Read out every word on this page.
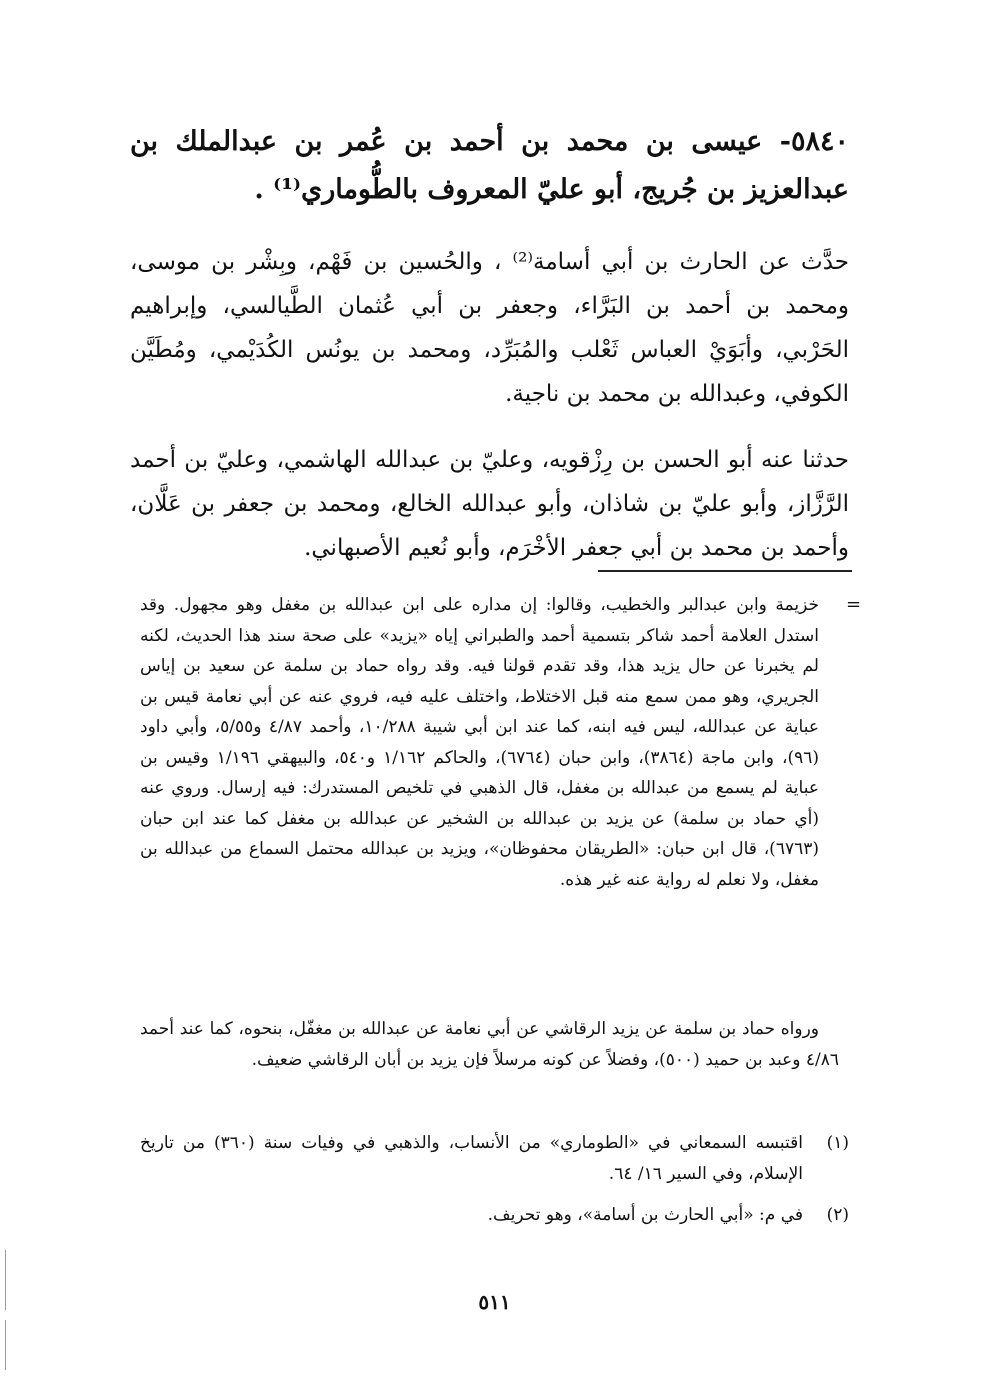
٥٨٤٠- عيسى بن محمد بن أحمد بن عُمر بن عبدالملك بن عبدالعزيز بن جُريج، أبو عليّ المعروف بالطُّوماري⁽¹⁾ .
حدَّث عن الحارث بن أبي أسامة⁽²⁾ ، والحُسين بن فَهْم، وبِشْر بن موسى، ومحمد بن أحمد بن البَرَّاء، وجعفر بن أبي عُثمان الطَّيالسي، وإبراهيم الحَرْبي، وأبَوَيْ العباس ثَعْلب والمُبَرِّد، ومحمد بن يونُس الكُدَيْمي، ومُطَيَّن الكوفي، وعبدالله بن محمد بن ناجية.
حدثنا عنه أبو الحسن بن رِزْقويه، وعليّ بن عبدالله الهاشمي، وعليّ بن أحمد الرَّزَّاز، وأبو عليّ بن شاذان، وأبو عبدالله الخالع، ومحمد بن جعفر بن عَلَّان، وأحمد بن محمد بن أبي جعفر الأخْرَم، وأبو نُعيم الأصبهاني.
=
خزيمة وابن عبدالبر والخطيب، وقالوا: إن مداره على ابن عبدالله بن مغفل وهو مجهول. وقد استدل العلامة أحمد شاكر بتسمية أحمد والطبراني إياه «يزيد» على صحة سند هذا الحديث، لكنه لم يخبرنا عن حال يزيد هذا، وقد تقدم قولنا فيه. وقد رواه حماد بن سلمة عن سعيد بن إياس الجريري، وهو ممن سمع منه قبل الاختلاط، واختلف عليه فيه، فروي عنه عن أبي نعامة قيس بن عباية عن عبدالله، ليس فيه ابنه، كما عند ابن أبي شيبة ١٠/٢٨٨، وأحمد ٤/٨٧ و٥/٥٥، وأبي داود (٩٦)، وابن ماجة (٣٨٦٤)، وابن حبان (٦٧٦٤)، والحاكم ١/١٦٢ و٥٤٠، والبيهقي ١/١٩٦ وقيس بن عباية لم يسمع من عبدالله بن مغفل، قال الذهبي في تلخيص المستدرك: فيه إرسال. وروي عنه (أي حماد بن سلمة) عن يزيد بن عبدالله بن الشخير عن عبدالله بن مغفل كما عند ابن حبان (٦٧٦٣)، قال ابن حبان: «الطريقان محفوظان»، ويزيد بن عبدالله محتمل السماع من عبدالله بن مغفل، ولا نعلم له رواية عنه غير هذه.
ورواه حماد بن سلمة عن يزيد الرقاشي عن أبي نعامة عن عبدالله بن مغفّل، بنحوه، كما عند أحمد ٤/٨٦ وعبد بن حميد (٥٠٠)، وفضلاً عن كونه مرسلاً فإن يزيد بن أبان الرقاشي ضعيف.
(١)
اقتبسه السمعاني في «الطوماري» من الأنساب، والذهبي في وفيات سنة (٣٦٠) من تاريخ الإسلام، وفي السير ١٦/ ٦٤.
(٢)
في م: «أبي الحارث بن أسامة»، وهو تحريف.
٥١١
